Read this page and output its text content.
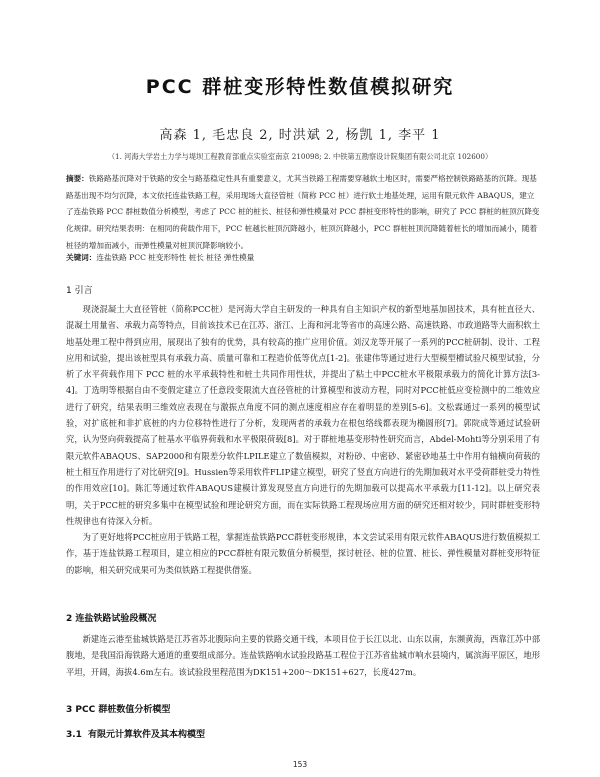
PCC 群桩变形特性数值模拟研究
高森 1, 毛忠良 2, 时洪斌 2, 杨凯 1, 李平 1
（1. 河海大学岩土力学与堤坝工程教育部重点实验室南京 210098; 2. 中铁第五勘察设计院集团有限公司北京 102600）
摘要：铁路路基沉降对于铁路的安全与路基稳定性具有重要意义，尤其当铁路工程需要穿越软土地区时，需要严格控制铁路路基的沉降。现基路基出现不均匀沉降，本文依托连盐铁路工程，采用现场大直径管桩（简称 PCC 桩）进行软土地基处理，运用有限元软件 ABAQUS，建立了连盐铁路 PCC 群桩数值分析模型，考虑了 PCC 桩的桩长、桩径和弹性模量对 PCC 群桩变形特性的影响，研究了 PCC 群桩的桩顶沉降变化规律。研究结果表明：在相同的荷载作用下，PCC 桩越长桩顶沉降越小，桩顶沉降越小，PCC 群桩桩顶沉降随着桩长的增加而减小，随着桩径的增加而减小，而弹性模量对桩顶沉降影响较小。
关键词：连盐铁路 PCC 桩变形特性 桩长 桩径 弹性模量
1 引言

现浇混凝土大直径管桩（简称PCC桩）是河海大学自主研发的一种具有自主知识产权的新型地基加固技术，具有桩直径大、混凝土用量省、承载力高等特点，目前该技术已在江苏、浙江、上海和河北等省市的高速公路、高速铁路、市政道路等大面积软土地基处理工程中得到应用，展现出了独有的优势，具有较高的推广应用价值。刘汉龙等开展了一系列的PCC桩研制、设计、工程应用和试验，提出该桩型具有承载力高、质量可靠和工程造价低等优点[1-2]。张建伟等通过进行大型模型槽试验尺模型试验，分析了水平荷载作用下 PCC 桩的水平承载特性和桩土共同作用性状，并提出了粘土中PCC桩水平极限承载力的简化计算方法[3-4]。丁选明等根据自由不变假定建立了任意段变限流大直径管桩的计算模型和波动方程，同时对PCC桩低应变检测中的二维效应进行了研究，结果表明三维效应表现在与激振点角度不同的测点速度相应存在着明显的差别[5-6]。文松霖通过一系列的模型试验，对扩底桩和非扩底桩的内力位移特性进行了分析，发现两者的承载力在根包络线都表现为椭圆形[7]。郭院成等通过试验研究，认为竖向荷载提高了桩基水平临界荷载和水平极限荷载[8]。对于群桩地基变形特性研究而言，Abdel-Mohti等分别采用了有限元软件ABAQUS、SAP2000和有限差分软件LPILE建立了数值模拟，对粉砂、中密砂、紧密砂地基土中作用有轴横向荷载的桩土相互作用进行了对比研究[9]。Hussien等采用软件FLIP建立模型，研究了竖直方向进行的先期加载对水平受荷群桩受力特性的作用效应[10]。陈汇等通过软件ABAQUS建模计算发现竖直方向进行的先期加载可以提高水平承载力[11-12]。以上研究表明，关于PCC桩的研究多集中在模型试验和理论研究方面，而在实际铁路工程现场应用方面的研究还相对较少，同时群桩变形特性规律也有待深入分析。

为了更好地将PCC桩应用于铁路工程，掌握连盐铁路PCC群桩变形规律，本文尝试采用有限元软件ABAQUS进行数值模拟工作，基于连盐铁路工程项目，建立相应的PCC群桩有限元数值分析模型，探讨桩径、桩的位置、桩长、弹性模量对群桩变形特征的影响，相关研究成果可为类似铁路工程提供借鉴。

2 连盐铁路试验段概况

新建连云港至盐城铁路是江苏省苏北腹际向主要的铁路交通干线，本项目位于长江以北、山东以南，东濒黄海，西靠江苏中部腹地，是我国沿海铁路大通道的重要组成部分。连盐铁路响水试验段路基工程位于江苏省盐城市响水县境内，属滨海平原区，地形平坦，开阔，海拔4.6m左右。该试验段里程范围为DK151+200～DK151+627，长度427m。

3 PCC 群桩数值分析模型
3.1 有限元计算软件及其本构模型
153
